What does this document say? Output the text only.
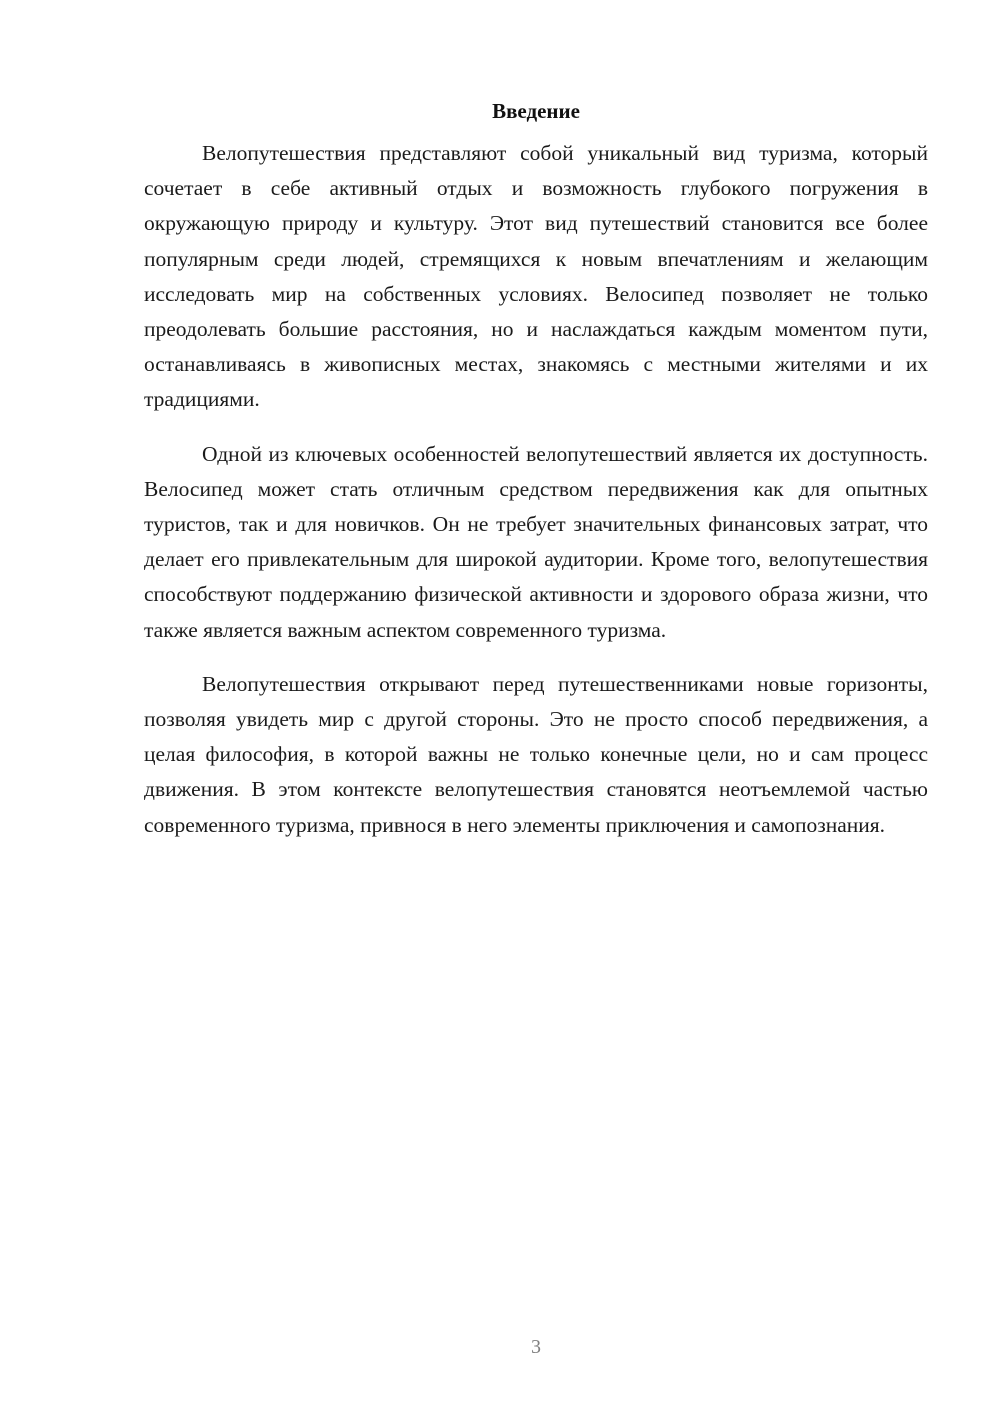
Введение

Велопутешествия представляют собой уникальный вид туризма, который сочетает в себе активный отдых и возможность глубокого погружения в окружающую природу и культуру. Этот вид путешествий становится все более популярным среди людей, стремящихся к новым впечатлениям и желающим исследовать мир на собственных условиях. Велосипед позволяет не только преодолевать большие расстояния, но и наслаждаться каждым моментом пути, останавливаясь в живописных местах, знакомясь с местными жителями и их традициями.

Одной из ключевых особенностей велопутешествий является их доступность. Велосипед может стать отличным средством передвижения как для опытных туристов, так и для новичков. Он не требует значительных финансовых затрат, что делает его привлекательным для широкой аудитории. Кроме того, велопутешествия способствуют поддержанию физической активности и здорового образа жизни, что также является важным аспектом современного туризма.

Велопутешествия открывают перед путешественниками новые горизонты, позволяя увидеть мир с другой стороны. Это не просто способ передвижения, а целая философия, в которой важны не только конечные цели, но и сам процесс движения. В этом контексте велопутешествия становятся неотъемлемой частью современного туризма, привнося в него элементы приключения и самопознания.

3
